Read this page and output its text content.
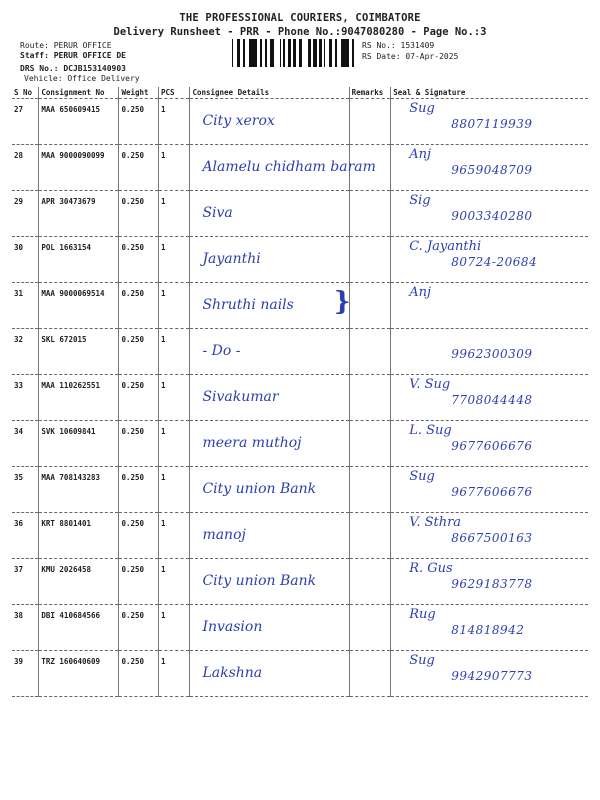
THE PROFESSIONAL COURIERS, COIMBATORE
Delivery Runsheet - PRR - Phone No.:9047080280 - Page No.:3
Route: PERUR OFFICE
Staff: PERUR OFFICE DE
DRS No.: DCJB153140903
Vehicle: Office Delivery
RS No.: 1531409
RS Date: 07-Apr-2025
S No	Consignment No	Weight	PCS	Consignee Details	Remarks	Seal & Signature
27	MAA 650609415	0.250	1	City xerox		Sug
8807119939

28	MAA 9000090099	0.250	1	Alamelu chidham baram		Anj
9659048709

29	APR 30473679	0.250	1	Siva		Sig
9003340280

30	POL 1663154	0.250	1	Jayanthi		C. Jayanthi
80724-20684

31	MAA 9000069514	0.250	1	Shruthi nails }		Anj

32	SKL 672015	0.250	1	- Do -		9962300309

33	MAA 110262551	0.250	1	Sivakumar		V. Sug
7708044448

34	SVK 10609841	0.250	1	meera muthoj		L. Sug
9677606676

35	MAA 708143283	0.250	1	City union Bank		Sug
9677606676

36	KRT 8801401	0.250	1	manoj		V. Sthra
8667500163

37	KMU 2026458	0.250	1	City union Bank		R. Gus
9629183778

38	DBI 410684566	0.250	1	Invasion		Rug
814818942

39	TRZ 160640609	0.250	1	Lakshna		Sug
9942907773
